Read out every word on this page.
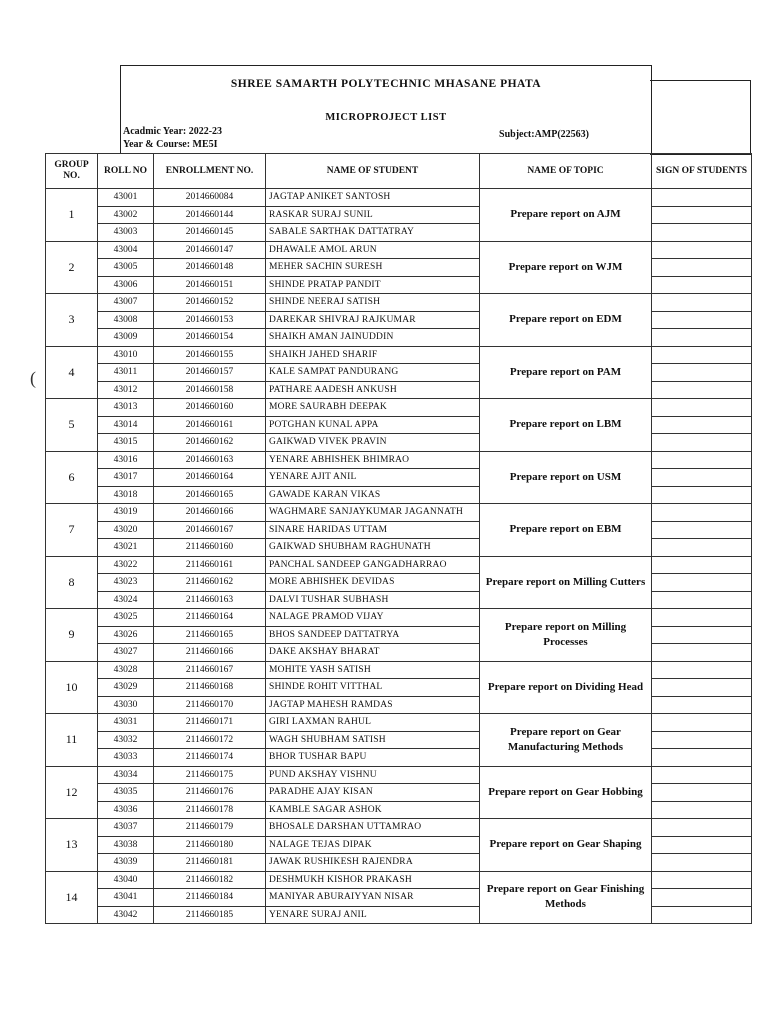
(
SHREE SAMARTH POLYTECHNIC MHASANE PHATA
MICROPROJECT LIST
Acadmic Year: 2022-23	Subject:AMP(22563)
Year & Course: ME5I
GROUP NO.	ROLL NO	ENROLLMENT NO.	NAME OF STUDENT	NAME OF TOPIC	SIGN OF STUDENTS
1	43001	2014660084	JAGTAP ANIKET SANTOSH	Prepare report on AJM	
	43002	2014660144	RASKAR SURAJ SUNIL		
	43003	2014660145	SABALE SARTHAK DATTATRAY		
2	43004	2014660147	DHAWALE AMOL ARUN	Prepare report on WJM	
	43005	2014660148	MEHER SACHIN SURESH		
	43006	2014660151	SHINDE PRATAP PANDIT		
3	43007	2014660152	SHINDE NEERAJ SATISH	Prepare report on EDM	
	43008	2014660153	DAREKAR SHIVRAJ RAJKUMAR		
	43009	2014660154	SHAIKH AMAN JAINUDDIN		
4	43010	2014660155	SHAIKH JAHED SHARIF	Prepare report on PAM	
	43011	2014660157	KALE SAMPAT PANDURANG		
	43012	2014660158	PATHARE AADESH ANKUSH		
5	43013	2014660160	MORE SAURABH DEEPAK	Prepare report on LBM	
	43014	2014660161	POTGHAN KUNAL APPA		
	43015	2014660162	GAIKWAD VIVEK PRAVIN		
6	43016	2014660163	YENARE ABHISHEK BHIMRAO	Prepare report on USM	
	43017	2014660164	YENARE AJIT ANIL		
	43018	2014660165	GAWADE KARAN VIKAS		
7	43019	2014660166	WAGHMARE SANJAYKUMAR JAGANNATH	Prepare report on EBM	
	43020	2014660167	SINARE HARIDAS UTTAM		
	43021	2114660160	GAIKWAD SHUBHAM RAGHUNATH		
8	43022	2114660161	PANCHAL SANDEEP GANGADHARRAO	Prepare report on Milling Cutters	
	43023	2114660162	MORE ABHISHEK DEVIDAS		
	43024	2114660163	DALVI TUSHAR SUBHASH		
9	43025	2114660164	NALAGE PRAMOD VIJAY	Prepare report on Milling Processes	
	43026	2114660165	BHOS SANDEEP DATTATRYA		
	43027	2114660166	DAKE AKSHAY BHARAT		
10	43028	2114660167	MOHITE YASH SATISH	Prepare report on Dividing Head	
	43029	2114660168	SHINDE ROHIT VITTHAL		
	43030	2114660170	JAGTAP MAHESH RAMDAS		
11	43031	2114660171	GIRI LAXMAN RAHUL	Prepare report on Gear Manufacturing Methods	
	43032	2114660172	WAGH SHUBHAM SATISH		
	43033	2114660174	BHOR TUSHAR BAPU		
12	43034	2114660175	PUND AKSHAY VISHNU	Prepare report on Gear Hobbing	
	43035	2114660176	PARADHE AJAY KISAN		
	43036	2114660178	KAMBLE SAGAR ASHOK		
13	43037	2114660179	BHOSALE DARSHAN UTTAMRAO	Prepare report on Gear Shaping	
	43038	2114660180	NALAGE TEJAS DIPAK		
	43039	2114660181	JAWAK RUSHIKESH RAJENDRA		
14	43040	2114660182	DESHMUKH KISHOR PRAKASH	Prepare report on Gear Finishing Methods	
	43041	2114660184	MANIYAR ABURAIYYAN NISAR		
	43042	2114660185	YENARE SURAJ ANIL		
